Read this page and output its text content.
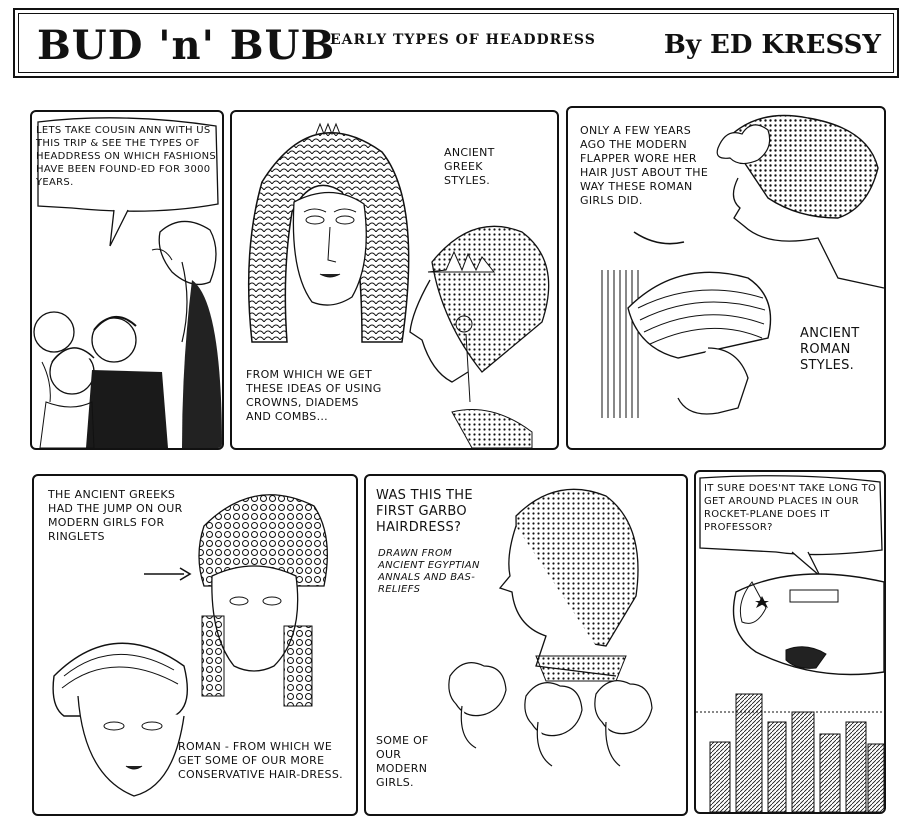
BUD 'n' BUB
EARLY TYPES OF HEADDRESS	By ED KRESSY
LETS TAKE COUSIN ANN WITH US THIS TRIP & SEE THE TYPES OF HEADDRESS ON WHICH FASHIONS HAVE BEEN FOUND-ED FOR 3000 YEARS.
ANCIENT GREEK STYLES.
FROM WHICH WE GET THESE IDEAS OF USING CROWNS, DIADEMS AND COMBS...
ONLY A FEW YEARS AGO THE MODERN FLAPPER WORE HER HAIR JUST ABOUT THE WAY THESE ROMAN GIRLS DID.
ANCIENT ROMAN STYLES.
THE ANCIENT GREEKS HAD THE JUMP ON OUR MODERN GIRLS FOR RINGLETS
ROMAN - FROM WHICH WE GET SOME OF OUR MORE CONSERVATIVE HAIR-DRESS.
WAS THIS THE FIRST GARBO HAIRDRESS?
DRAWN FROM ANCIENT EGYPTIAN ANNALS AND BAS-RELIEFS
SOME OF OUR MODERN GIRLS.
IT SURE DOES'NT TAKE LONG TO GET AROUND PLACES IN OUR ROCKET-PLANE DOES IT PROFESSOR?
